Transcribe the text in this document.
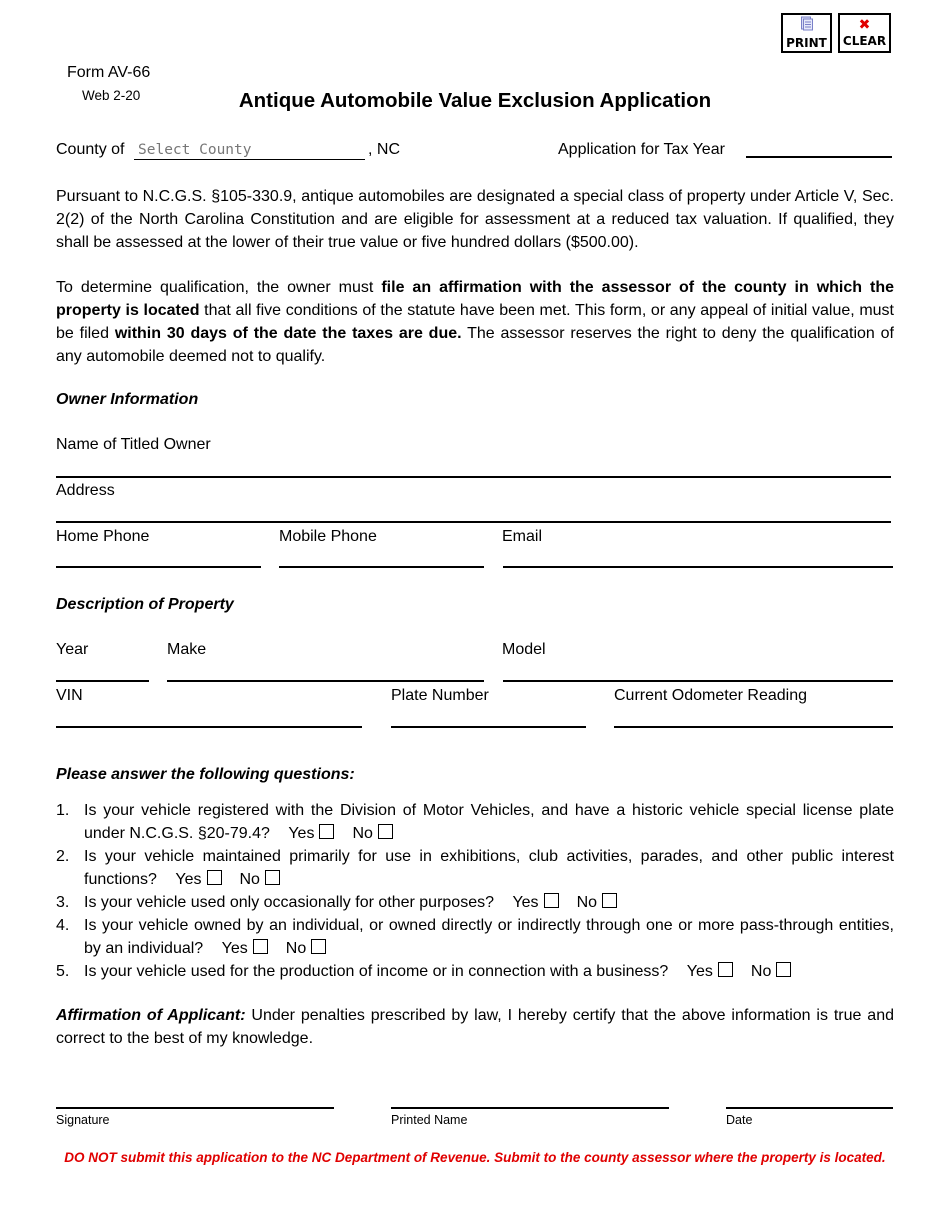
PRINT
✖
CLEAR
Form AV-66
Web 2-20	Antique Automobile Value Exclusion Application
County of Select County	, NC	Application for Tax Year
Pursuant to N.C.G.S. §105-330.9, antique automobiles are designated a special class of property under Article V, Sec. 2(2) of the North Carolina Constitution and are eligible for assessment at a reduced tax valuation. If qualified, they shall be assessed at the lower of their true value or five hundred dollars ($500.00).
To determine qualification, the owner must file an affirmation with the assessor of the county in which the property is located that all five conditions of the statute have been met. This form, or any appeal of initial value, must be filed within 30 days of the date the taxes are due. The assessor reserves the right to deny the qualification of any automobile deemed not to qualify.
Owner Information
Name of Titled Owner
Address
Home Phone	Mobile Phone	Email
Description of Property
Year	Make	Model
VIN	Plate Number	Current Odometer Reading
Please answer the following questions:
1. Is your vehicle registered with the Division of Motor Vehicles, and have a historic vehicle special license plate under N.C.G.S. §20-79.4? Yes No
2. Is your vehicle maintained primarily for use in exhibitions, club activities, parades, and other public interest functions? Yes No
3. Is your vehicle used only occasionally for other purposes? Yes No
4. Is your vehicle owned by an individual, or owned directly or indirectly through one or more pass-through entities, by an individual? Yes No
5. Is your vehicle used for the production of income or in connection with a business? Yes No
Affirmation of Applicant: Under penalties prescribed by law, I hereby certify that the above information is true and correct to the best of my knowledge.
Signature	Printed Name	Date
DO NOT submit this application to the NC Department of Revenue. Submit to the county assessor where the property is located.
